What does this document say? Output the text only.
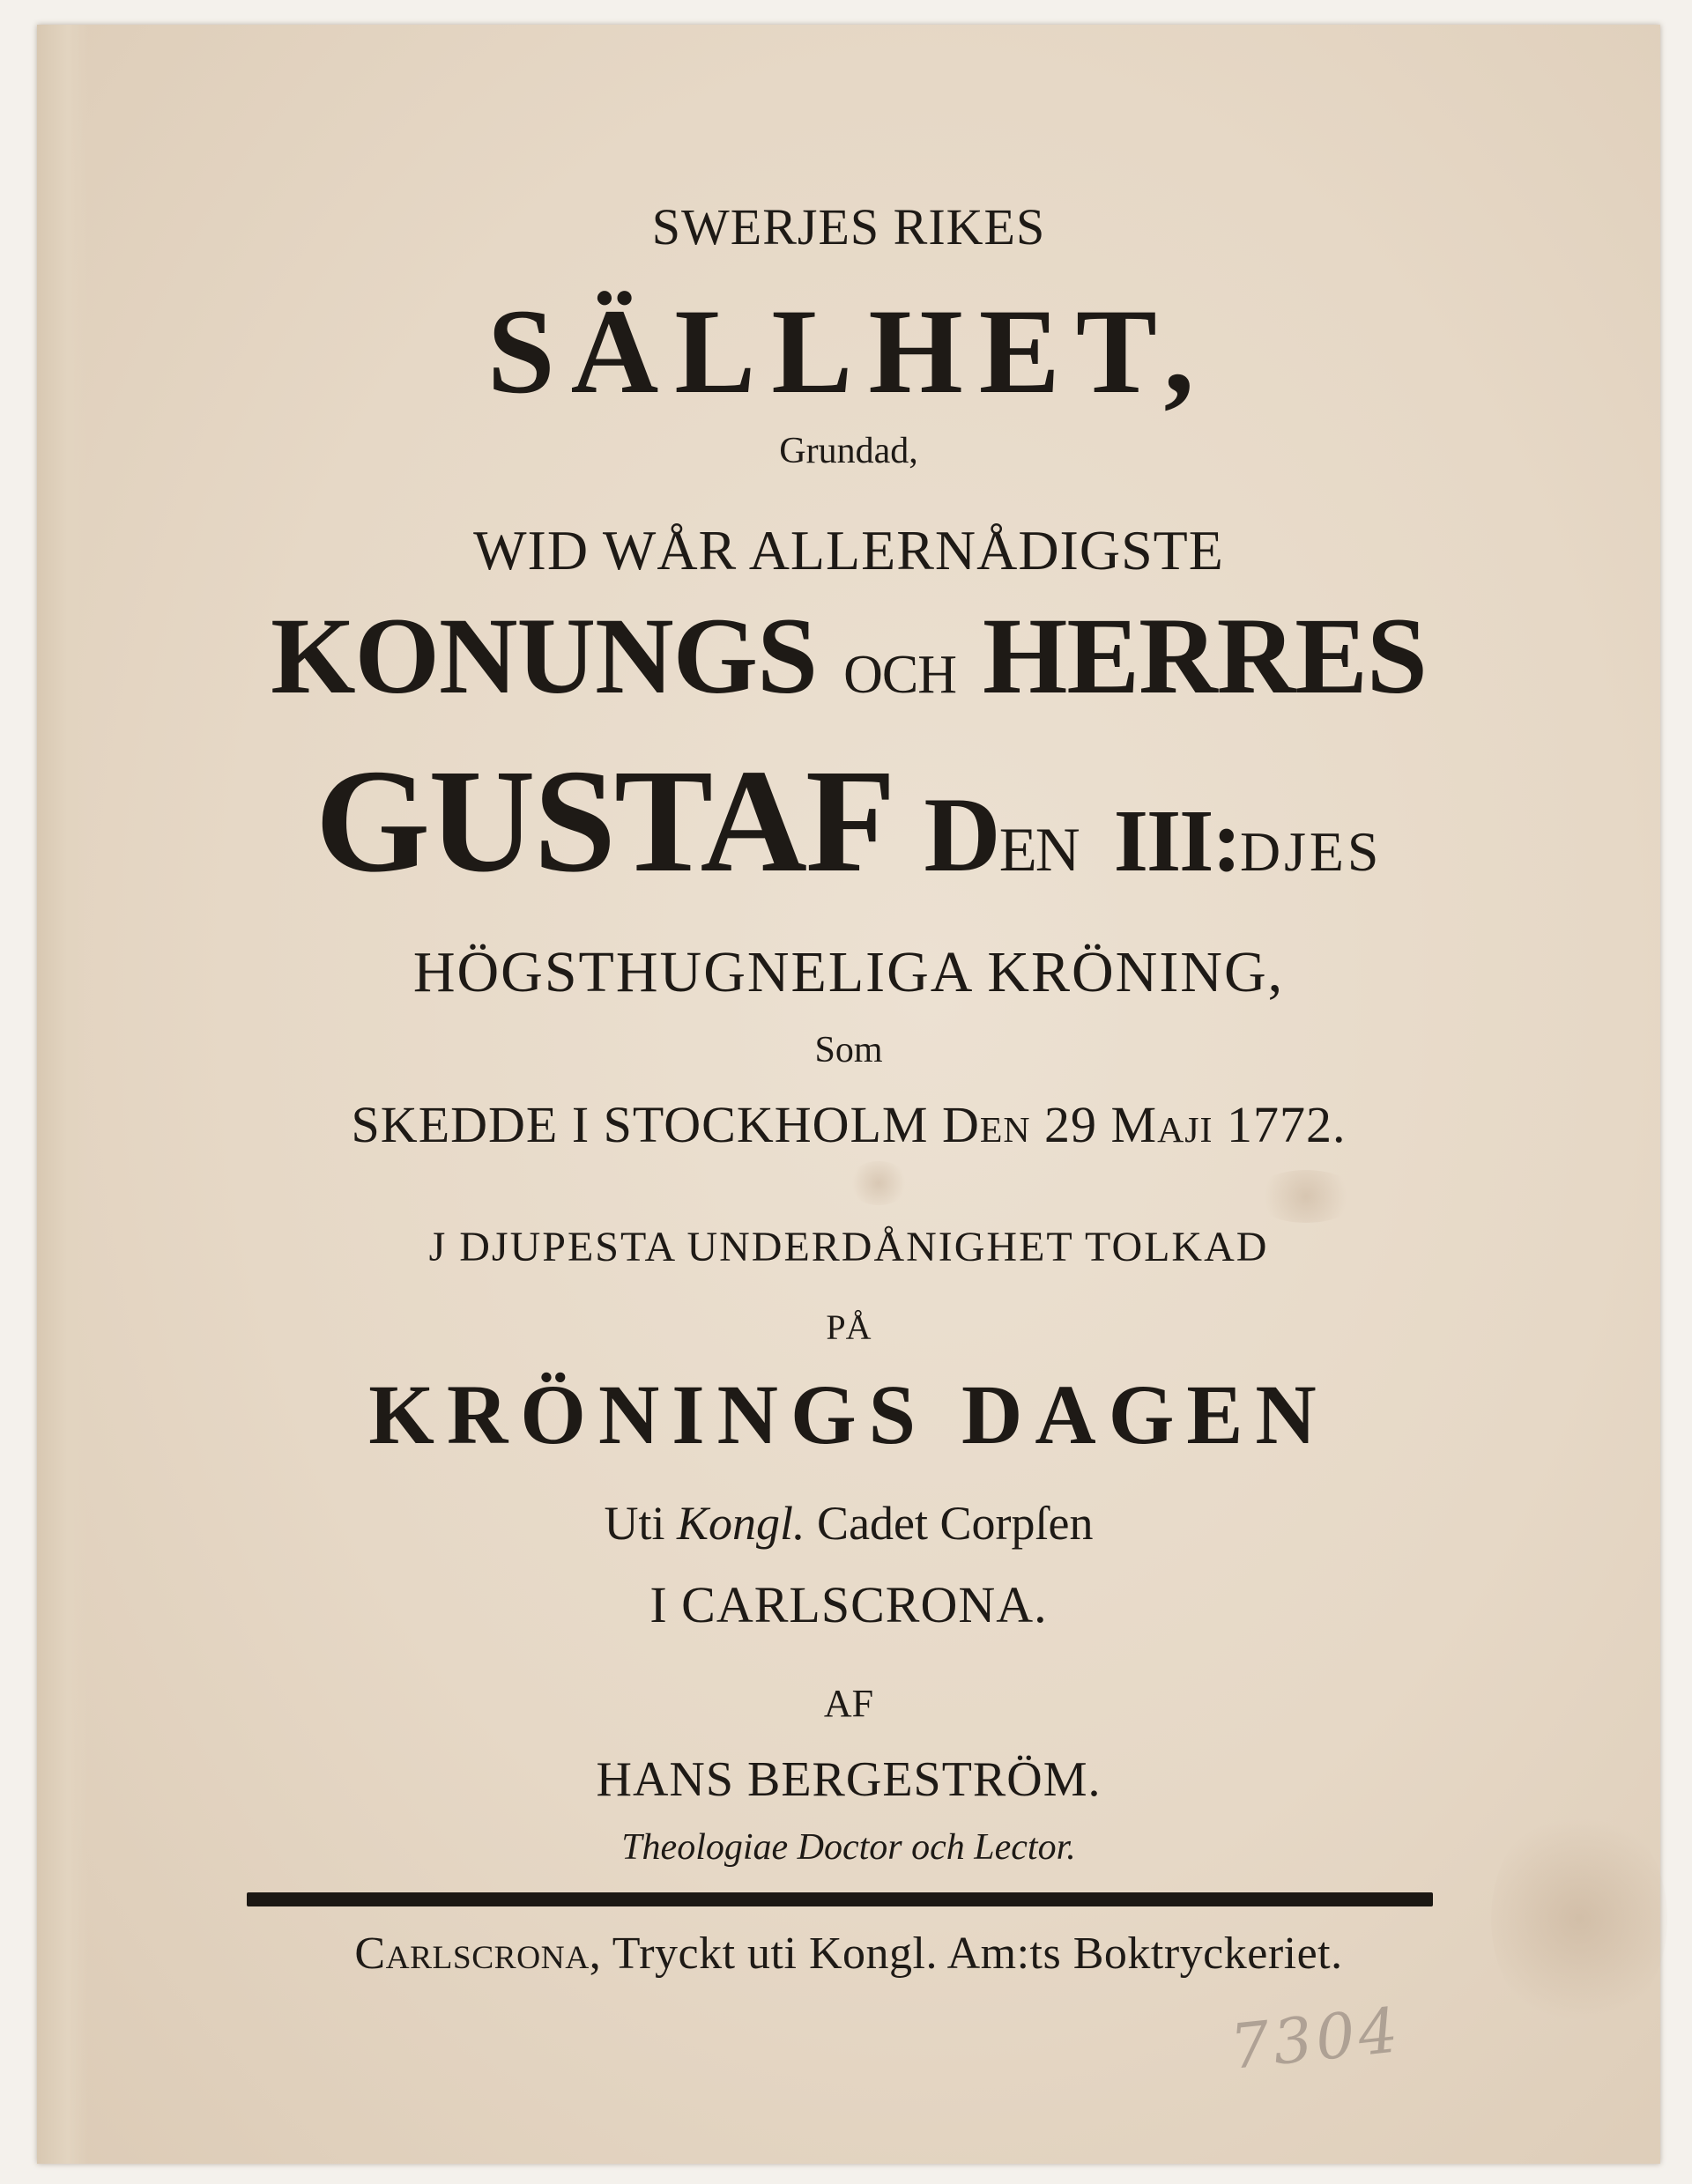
SWERJES RIKES

SÄLLHET,

Grundad,

WID WÅR ALLERNÅDIGSTE

KONUNGS OCH HERRES

GUSTAF DEN III:DJES

HÖGSTHUGNELIGA KRÖNING,

Som

SKEDDE I STOCKHOLM DEN 29 MAJI 1772.

J DJUPESTA UNDERDÅNIGHET TOLKAD

PÅ

KRÖNINGS DAGEN

Uti Kongl. Cadet Corpſen

I CARLSCRONA.

AF

HANS BERGESTRÖM.

Theologiae Doctor och Lector.

CARLSCRONA, Tryckt uti Kongl. Am:ts Boktryckeriet.

7304
